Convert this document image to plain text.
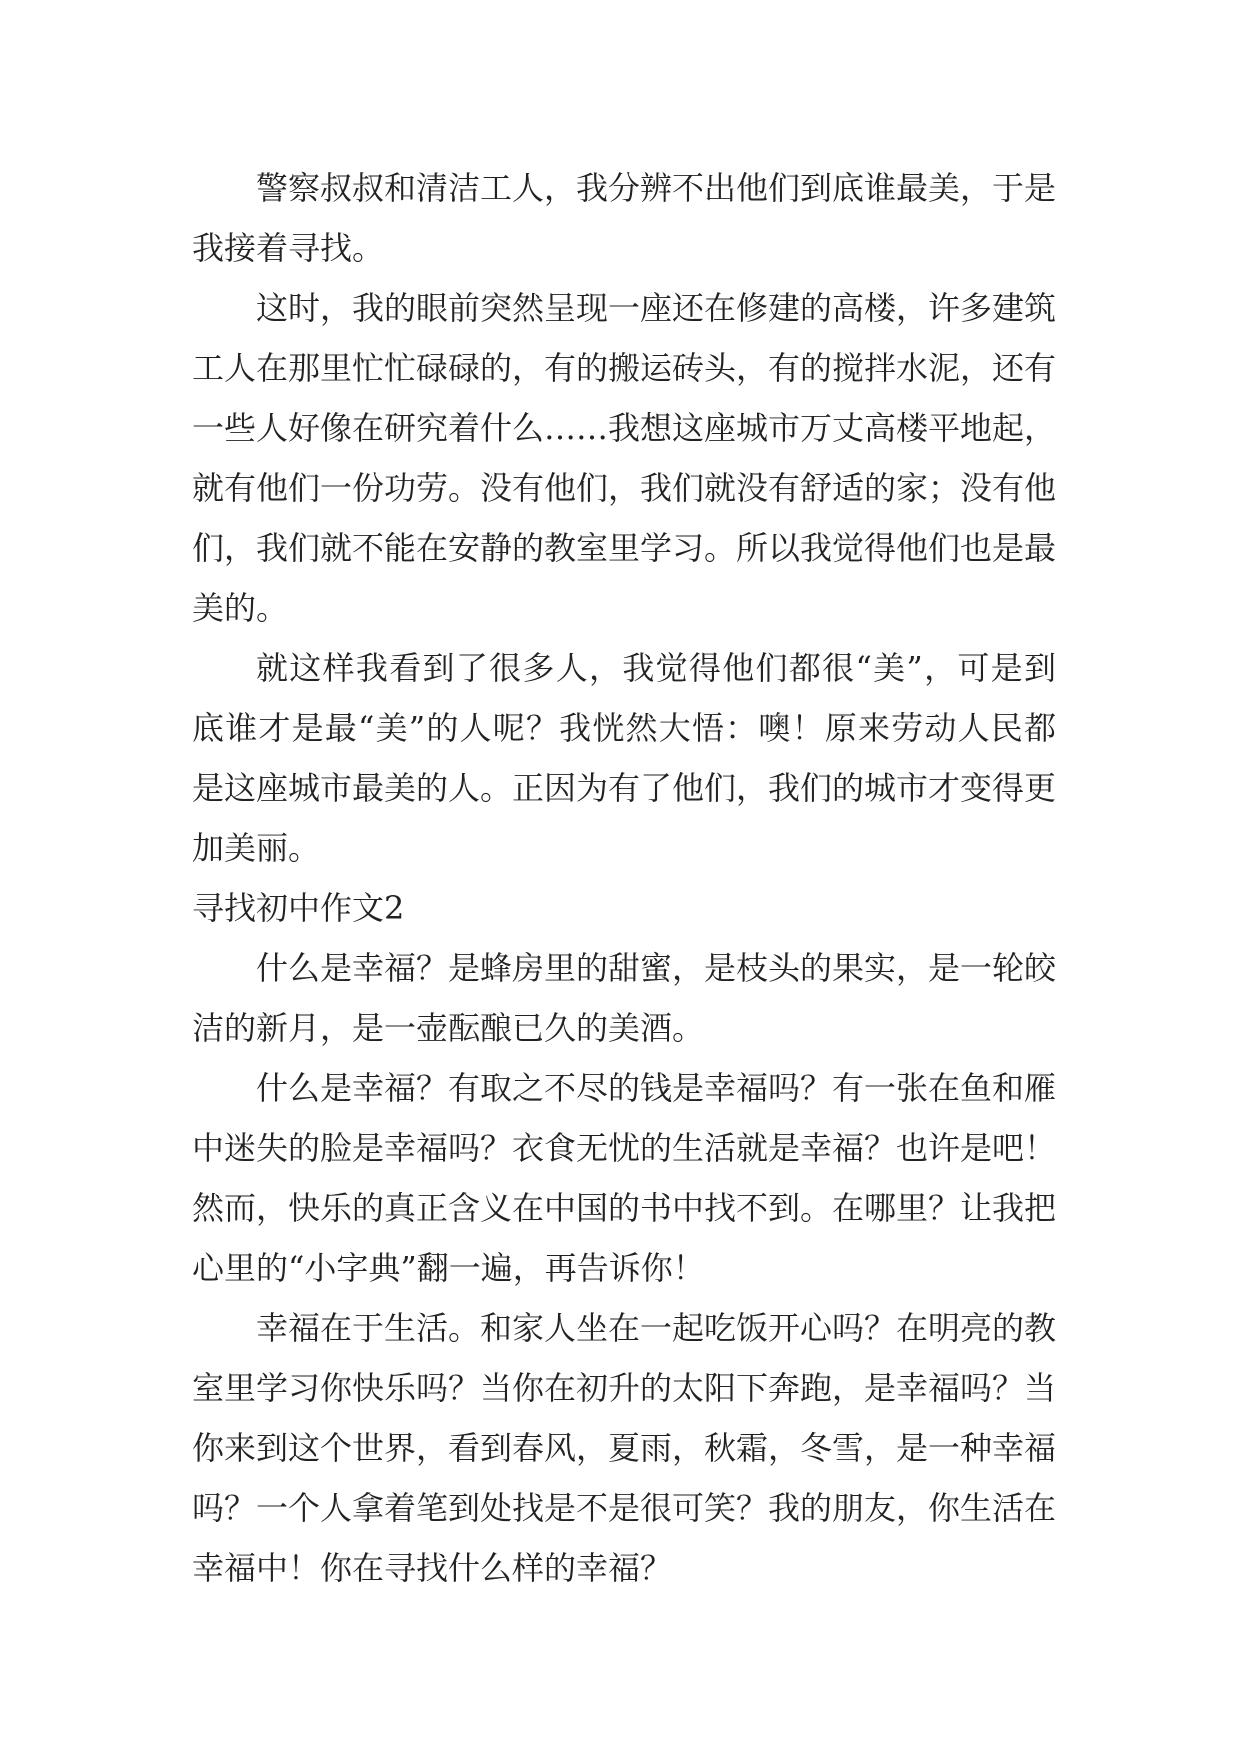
警察叔叔和清洁工人，我分辨不出他们到底谁最美，于是我接着寻找。

这时，我的眼前突然呈现一座还在修建的高楼，许多建筑工人在那里忙忙碌碌的，有的搬运砖头，有的搅拌水泥，还有一些人好像在研究着什么……我想这座城市万丈高楼平地起，就有他们一份功劳。没有他们，我们就没有舒适的家；没有他们，我们就不能在安静的教室里学习。所以我觉得他们也是最美的。

就这样我看到了很多人，我觉得他们都很“美”，可是到底谁才是最“美”的人呢？我恍然大悟：噢！原来劳动人民都是这座城市最美的人。正因为有了他们，我们的城市才变得更加美丽。

寻找初中作文2

什么是幸福？是蜂房里的甜蜜，是枝头的果实，是一轮皎洁的新月，是一壶酝酿已久的美酒。

什么是幸福？有取之不尽的钱是幸福吗？有一张在鱼和雁中迷失的脸是幸福吗？衣食无忧的生活就是幸福？也许是吧！然而，快乐的真正含义在中国的书中找不到。在哪里？让我把心里的“小字典”翻一遍，再告诉你！

幸福在于生活。和家人坐在一起吃饭开心吗？在明亮的教室里学习你快乐吗？当你在初升的太阳下奔跑，是幸福吗？当你来到这个世界，看到春风，夏雨，秋霜，冬雪，是一种幸福吗？一个人拿着笔到处找是不是很可笑？我的朋友，你生活在幸福中！你在寻找什么样的幸福？
